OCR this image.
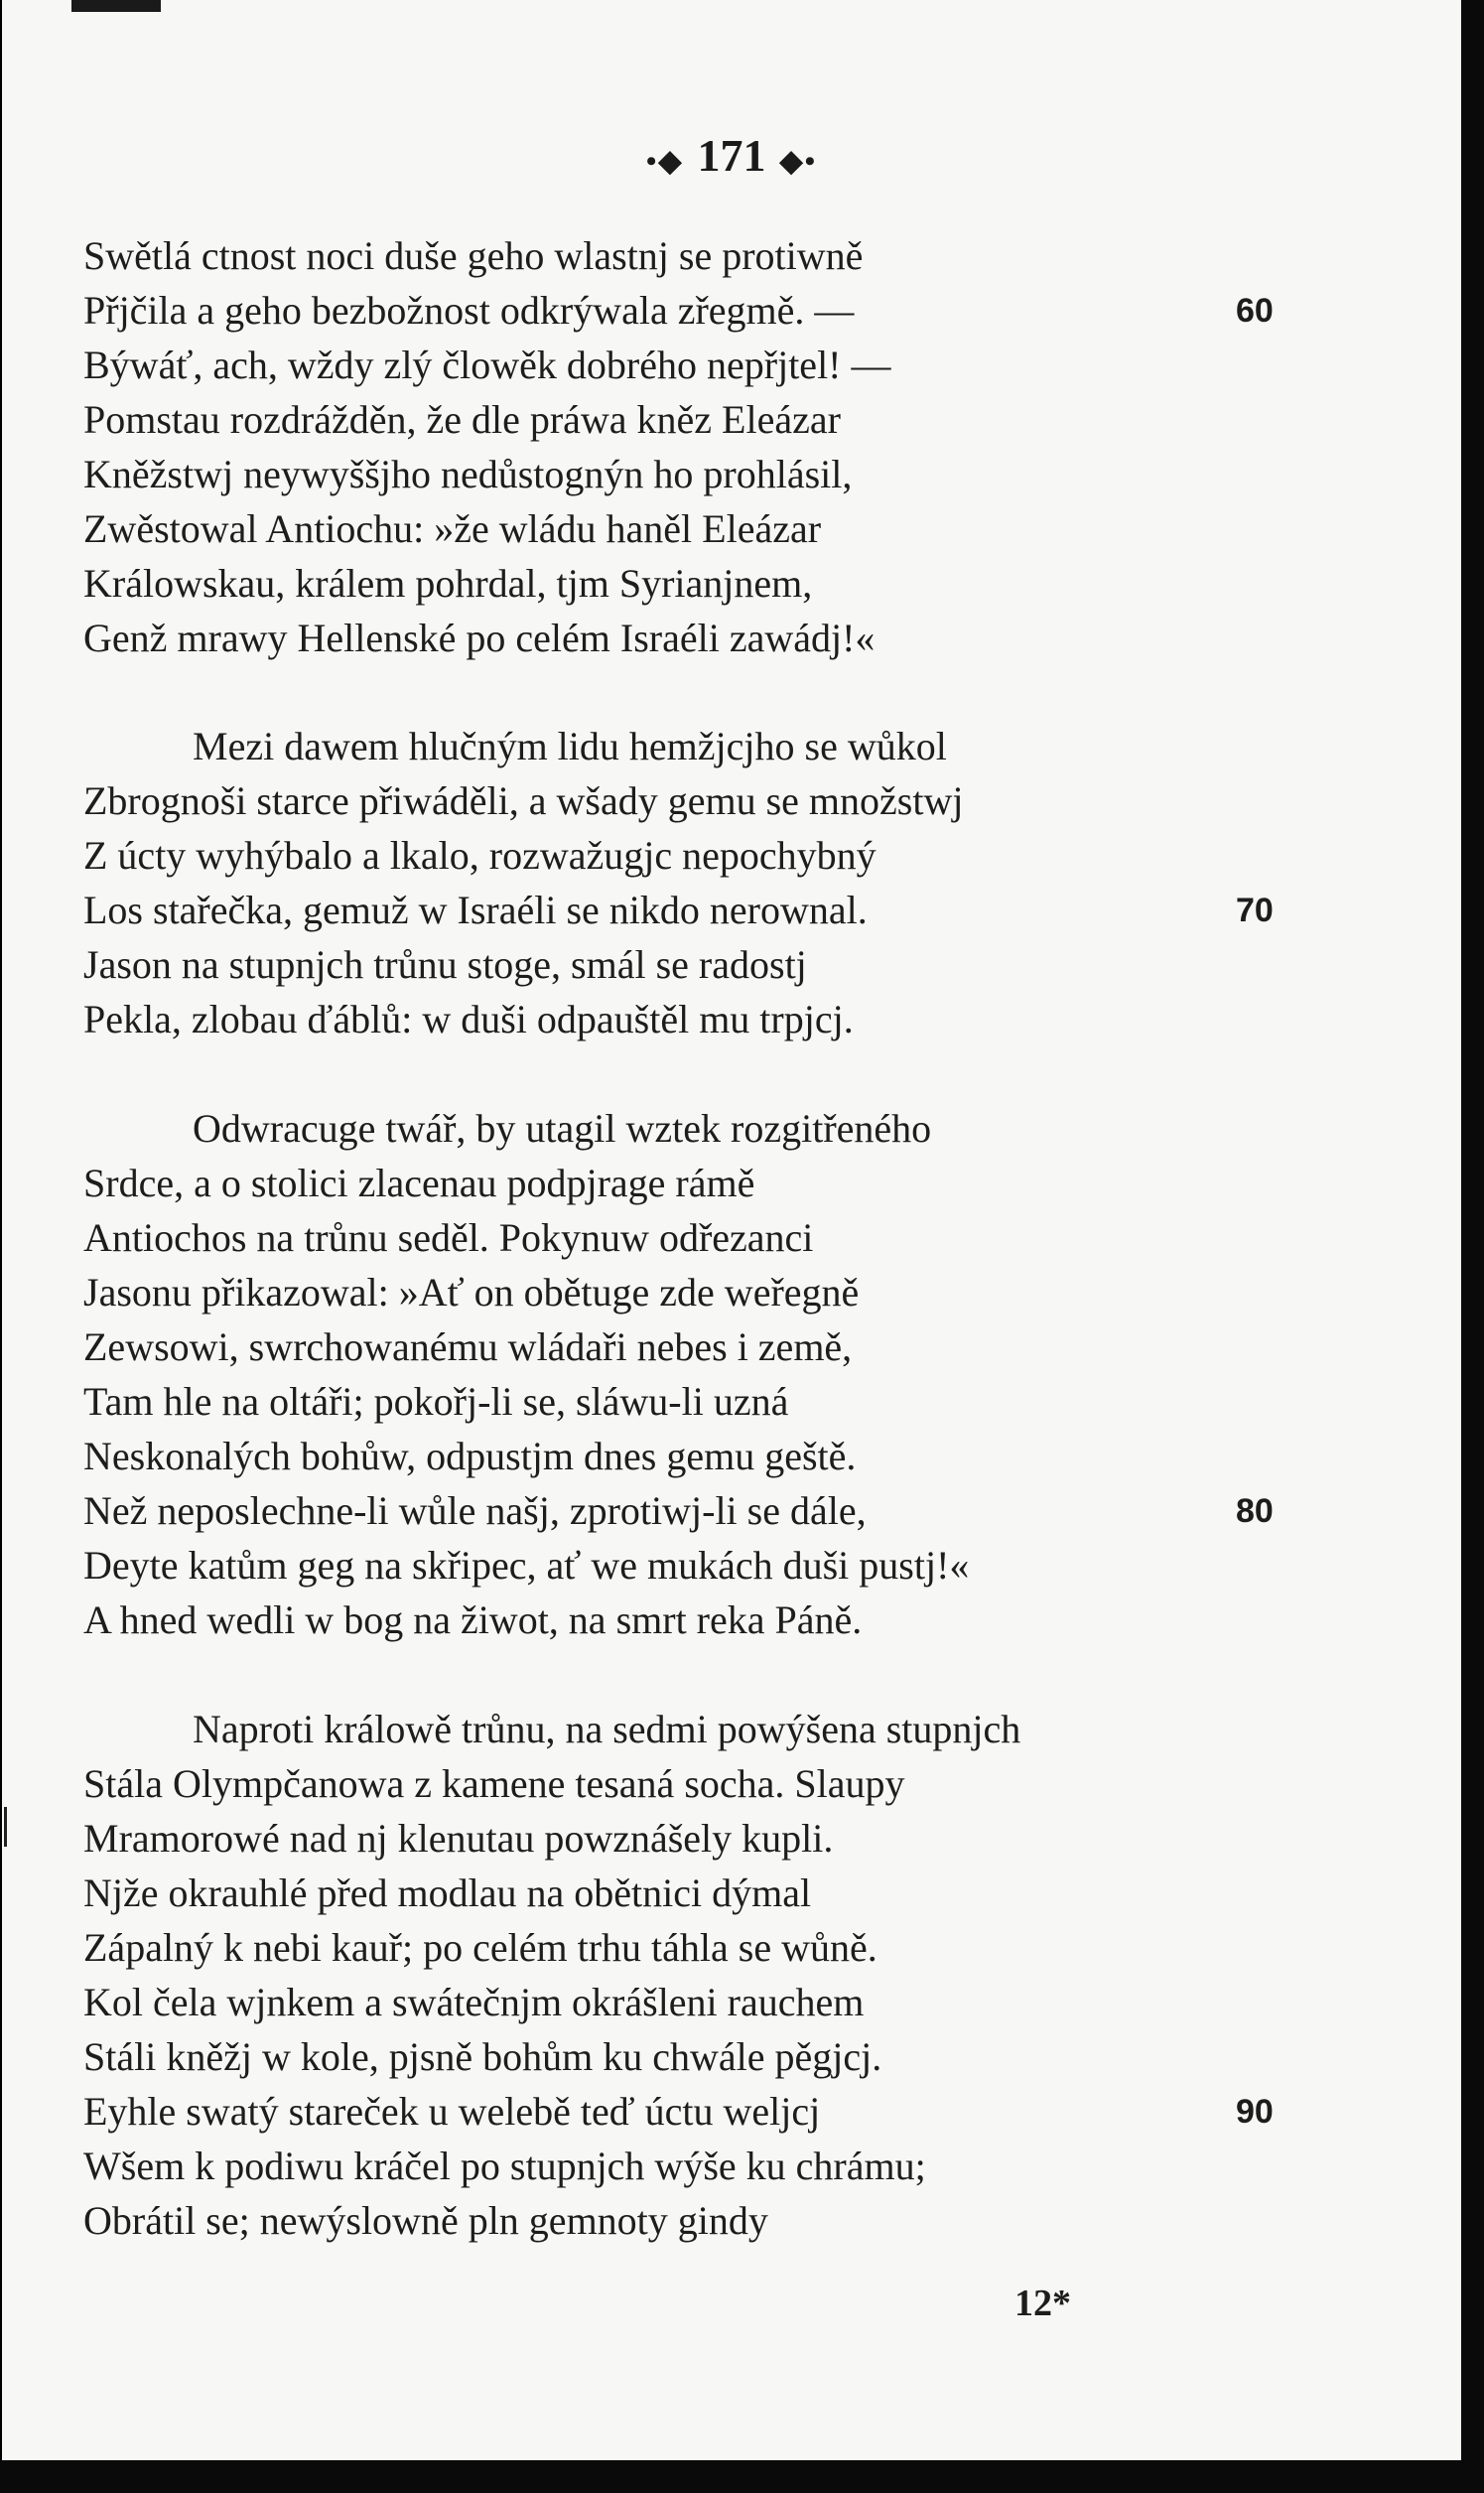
•◆ 171 ◆•
Swětlá ctnost noci duše geho wlastnj se protiwně
Přjčila a geho bezbožnost odkrýwala zřegmě. —
Býwáť, ach, wždy zlý člowěk dobrého nepřjtel! —
Pomstau rozdrážděn, že dle práwa kněz Eleázar
Kněžstwj neywyššjho nedůstognýn ho prohlásil,
Zwěstowal Antiochu: »že wládu haněl Eleázar
Králowskau, králem pohrdal, tjm Syrianjnem,
Genž mrawy Hellenské po celém Israéli zawádj!«
Mezi dawem hlučným lidu hemžjcjho se wůkol
Zbrognoši starce přiwáděli, a wšady gemu se množstwj
Z úcty wyhýbalo a lkalo, rozwažugjc nepochybný
Los stařečka, gemuž w Israéli se nikdo nerownal.
Jason na stupnjch trůnu stoge, smál se radostj
Pekla, zlobau ďáblů: w duši odpauštěl mu trpjcj.
Odwracuge twář, by utagil wztek rozgitřeného
Srdce, a o stolici zlacenau podpjrage rámě
Antiochos na trůnu seděl. Pokynuw odřezanci
Jasonu přikazowal: »Ať on obětuge zde weřegně
Zewsowi, swrchowanému wládaři nebes i země,
Tam hle na oltáři; pokořj-li se, sláwu-li uzná
Neskonalých bohůw, odpustjm dnes gemu geště.
Než neposlechne-li wůle našj, zprotiwj-li se dále,
Deyte katům geg na skřipec, ať we mukách duši pustj!«
A hned wedli w bog na žiwot, na smrt reka Páně.
Naproti králowě trůnu, na sedmi powýšena stupnjch
Stála Olympčanowa z kamene tesaná socha. Slaupy
Mramorowé nad nj klenutau powznášely kupli.
Njže okrauhlé před modlau na obětnici dýmal
Zápalný k nebi kauř; po celém trhu táhla se wůně.
Kol čela wjnkem a swátečnjm okrášleni rauchem
Stáli kněžj w kole, pjsně bohům ku chwále pěgjcj.
Eyhle swatý stareček u welebě teď úctu weljcj
Wšem k podiwu kráčel po stupnjch wýše ku chrámu;
Obrátil se; newýslowně pln gemnoty gindy
60
70
80
90
12*
